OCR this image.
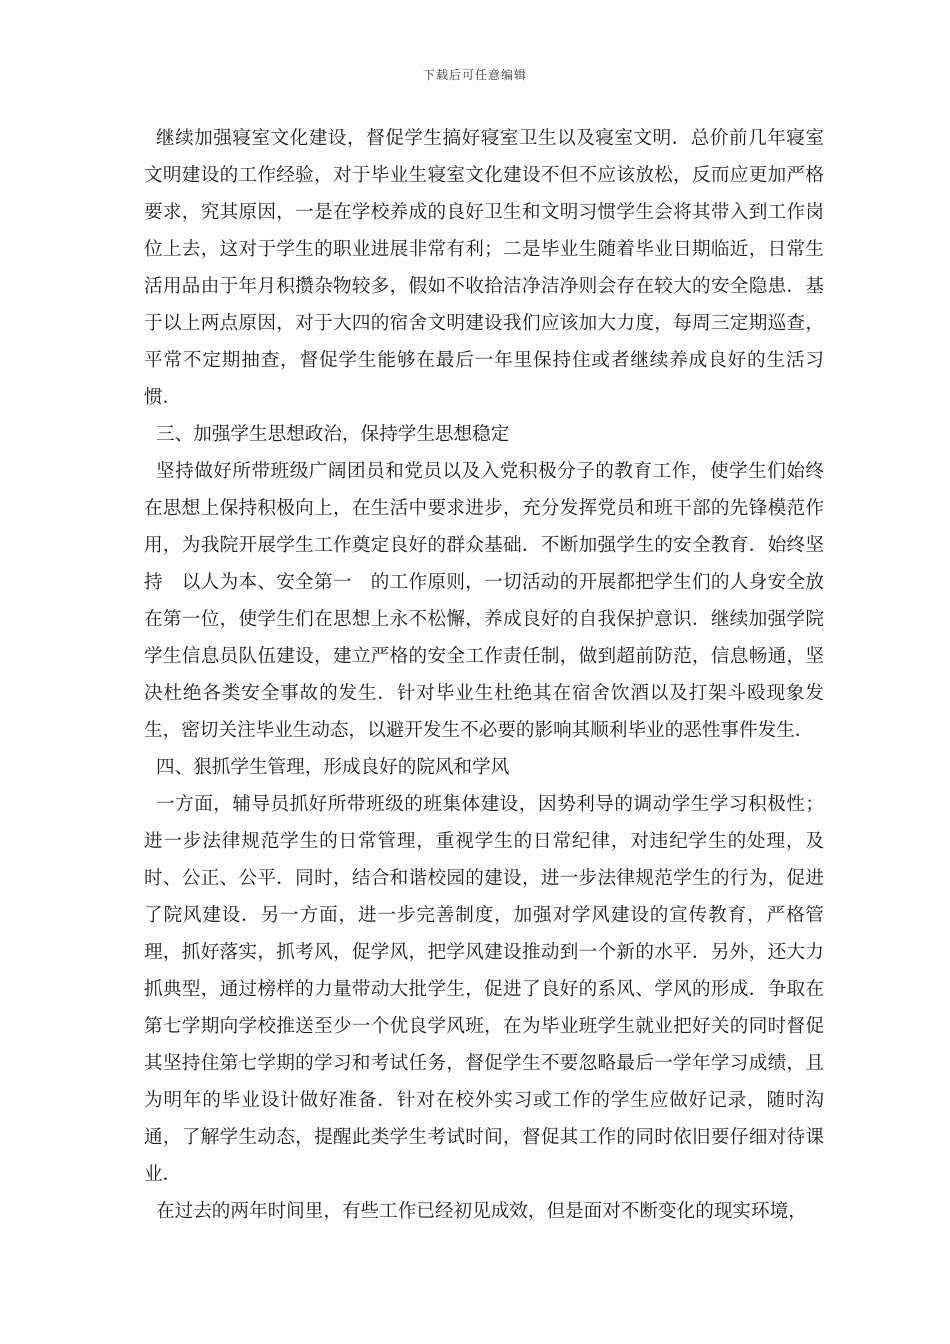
下载后可任意编辑

继续加强寝室文化建设，督促学生搞好寝室卫生以及寝室文明．总价前几年寝室文明建设的工作经验，对于毕业生寝室文化建设不但不应该放松，反而应更加严格要求，究其原因，一是在学校养成的良好卫生和文明习惯学生会将其带入到工作岗位上去，这对于学生的职业进展非常有利；二是毕业生随着毕业日期临近，日常生活用品由于年月积攒杂物较多，假如不收拾洁净洁净则会存在较大的安全隐患．基于以上两点原因，对于大四的宿舍文明建设我们应该加大力度，每周三定期巡查，平常不定期抽查，督促学生能够在最后一年里保持住或者继续养成良好的生活习惯．

三、加强学生思想政治，保持学生思想稳定

坚持做好所带班级广阔团员和党员以及入党积极分子的教育工作，使学生们始终在思想上保持积极向上，在生活中要求进步，充分发挥党员和班干部的先锋模范作用，为我院开展学生工作奠定良好的群众基础．不断加强学生的安全教育．始终坚持　以人为本、安全第一　的工作原则，一切活动的开展都把学生们的人身安全放在第一位，使学生们在思想上永不松懈，养成良好的自我保护意识．继续加强学院学生信息员队伍建设，建立严格的安全工作责任制，做到超前防范，信息畅通，坚决杜绝各类安全事故的发生．针对毕业生杜绝其在宿舍饮酒以及打架斗殴现象发生，密切关注毕业生动态，以避开发生不必要的影响其顺利毕业的恶性事件发生．

四、狠抓学生管理，形成良好的院风和学风

一方面，辅导员抓好所带班级的班集体建设，因势利导的调动学生学习积极性；进一步法律规范学生的日常管理，重视学生的日常纪律，对违纪学生的处理，及时、公正、公平．同时，结合和谐校园的建设，进一步法律规范学生的行为，促进了院风建设．另一方面，进一步完善制度，加强对学风建设的宣传教育，严格管理，抓好落实，抓考风，促学风，把学风建设推动到一个新的水平．另外，还大力抓典型，通过榜样的力量带动大批学生，促进了良好的系风、学风的形成．争取在第七学期向学校推送至少一个优良学风班，在为毕业班学生就业把好关的同时督促其坚持住第七学期的学习和考试任务，督促学生不要忽略最后一学年学习成绩，且为明年的毕业设计做好准备．针对在校外实习或工作的学生应做好记录，随时沟通，了解学生动态，提醒此类学生考试时间，督促其工作的同时依旧要仔细对待课业．

在过去的两年时间里，有些工作已经初见成效，但是面对不断变化的现实环境，
